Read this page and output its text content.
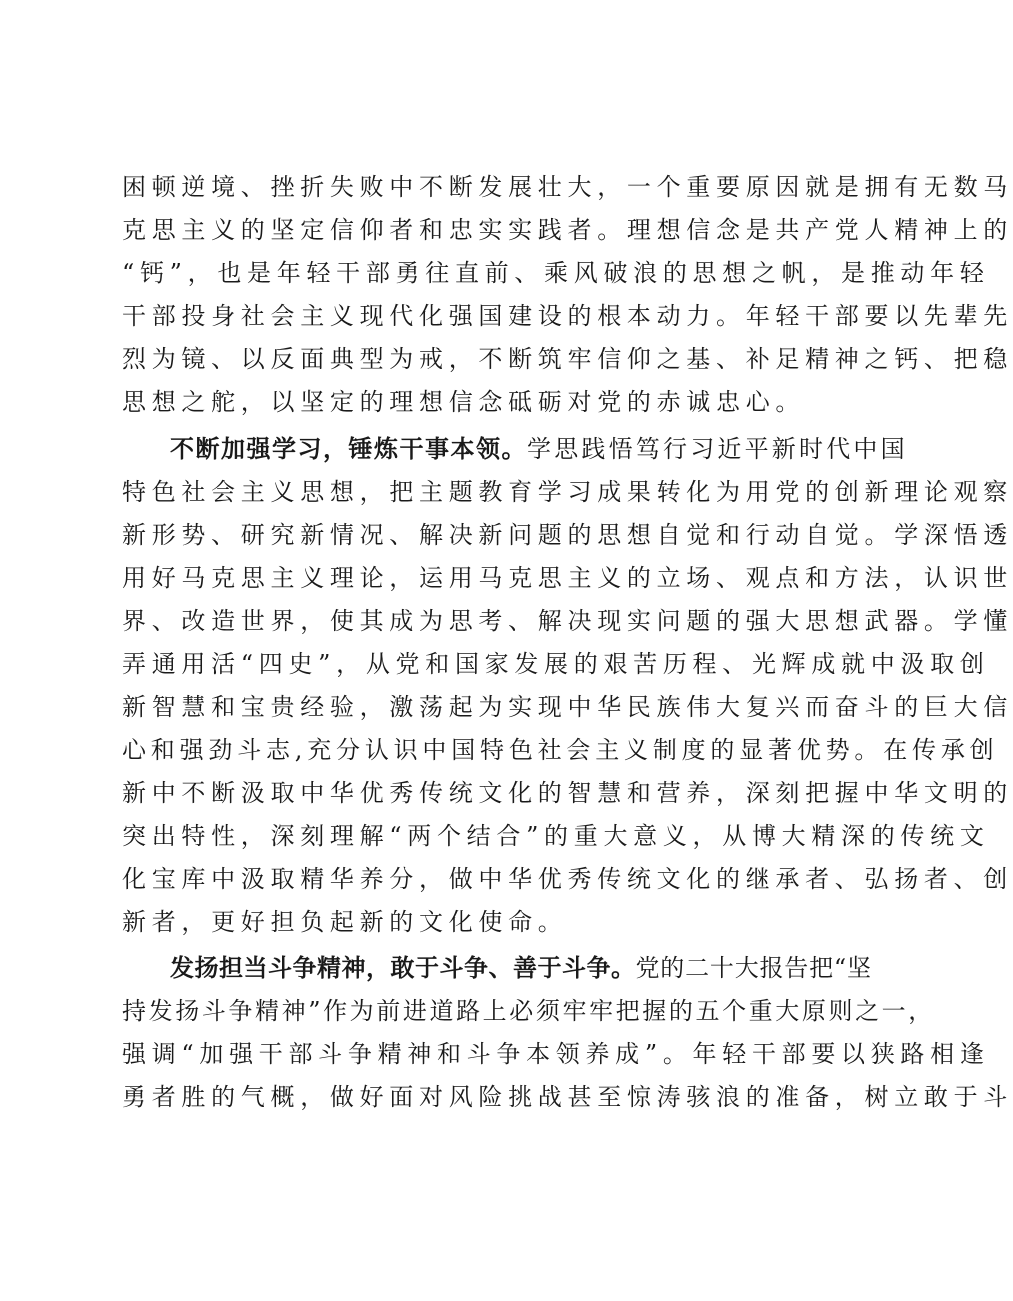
困顿逆境、挫折失败中不断发展壮大，一个重要原因就是拥有无数马

克思主义的坚定信仰者和忠实实践者。理想信念是共产党人精神上的

“钙”，也是年轻干部勇往直前、乘风破浪的思想之帆，是推动年轻

干部投身社会主义现代化强国建设的根本动力。年轻干部要以先辈先

烈为镜、以反面典型为戒，不断筑牢信仰之基、补足精神之钙、把稳

思想之舵，以坚定的理想信念砥砺对党的赤诚忠心。

不断加强学习，锤炼干事本领。学思践悟笃行习近平新时代中国

特色社会主义思想，把主题教育学习成果转化为用党的创新理论观察

新形势、研究新情况、解决新问题的思想自觉和行动自觉。学深悟透

用好马克思主义理论，运用马克思主义的立场、观点和方法，认识世

界、改造世界，使其成为思考、解决现实问题的强大思想武器。学懂

弄通用活“四史”，从党和国家发展的艰苦历程、光辉成就中汲取创

新智慧和宝贵经验，激荡起为实现中华民族伟大复兴而奋斗的巨大信

心和强劲斗志,充分认识中国特色社会主义制度的显著优势。在传承创

新中不断汲取中华优秀传统文化的智慧和营养，深刻把握中华文明的

突出特性，深刻理解“两个结合”的重大意义，从博大精深的传统文

化宝库中汲取精华养分，做中华优秀传统文化的继承者、弘扬者、创

新者，更好担负起新的文化使命。

发扬担当斗争精神，敢于斗争、善于斗争。党的二十大报告把“坚

持发扬斗争精神”作为前进道路上必须牢牢把握的五个重大原则之一，

强调“加强干部斗争精神和斗争本领养成”。年轻干部要以狭路相逢

勇者胜的气概，做好面对风险挑战甚至惊涛骇浪的准备，树立敢于斗
